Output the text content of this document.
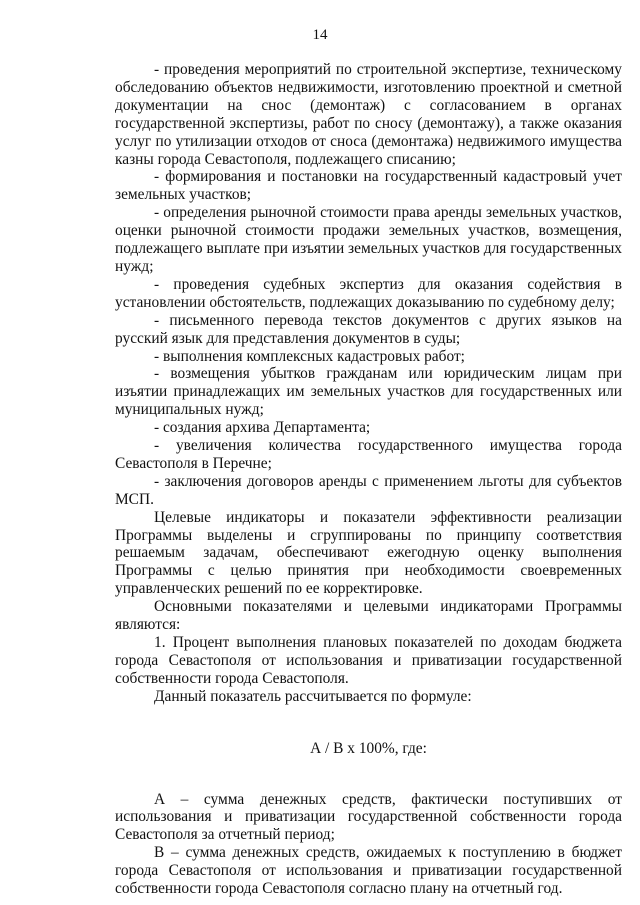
14

- проведения мероприятий по строительной экспертизе, техническому обследованию объектов недвижимости, изготовлению проектной и сметной документации на снос (демонтаж) с согласованием в органах государственной экспертизы, работ по сносу (демонтажу), а также оказания услуг по утилизации отходов от сноса (демонтажа) недвижимого имущества казны города Севастополя, подлежащего списанию;

- формирования и постановки на государственный кадастровый учет земельных участков;

- определения рыночной стоимости права аренды земельных участков, оценки рыночной стоимости продажи земельных участков, возмещения, подлежащего выплате при изъятии земельных участков для государственных нужд;

- проведения судебных экспертиз для оказания содействия в установлении обстоятельств, подлежащих доказыванию по судебному делу;

- письменного перевода текстов документов с других языков на русский язык для представления документов в суды;

- выполнения комплексных кадастровых работ;

- возмещения убытков гражданам или юридическим лицам при изъятии принадлежащих им земельных участков для государственных или муниципальных нужд;

- создания архива Департамента;

- увеличения количества государственного имущества города Севастополя в Перечне;

- заключения договоров аренды с применением льготы для субъектов МСП.

Целевые индикаторы и показатели эффективности реализации Программы выделены и сгруппированы по принципу соответствия решаемым задачам, обеспечивают ежегодную оценку выполнения Программы с целью принятия при необходимости своевременных управленческих решений по ее корректировке.

Основными показателями и целевыми индикаторами Программы являются:

1. Процент выполнения плановых показателей по доходам бюджета города Севастополя от использования и приватизации государственной собственности города Севастополя.

Данный показатель рассчитывается по формуле:

А / В х 100%, где:

А – сумма денежных средств, фактически поступивших от использования и приватизации государственной собственности города Севастополя за отчетный период;

В – сумма денежных средств, ожидаемых к поступлению в бюджет города Севастополя от использования и приватизации государственной собственности города Севастополя согласно плану на отчетный год.
